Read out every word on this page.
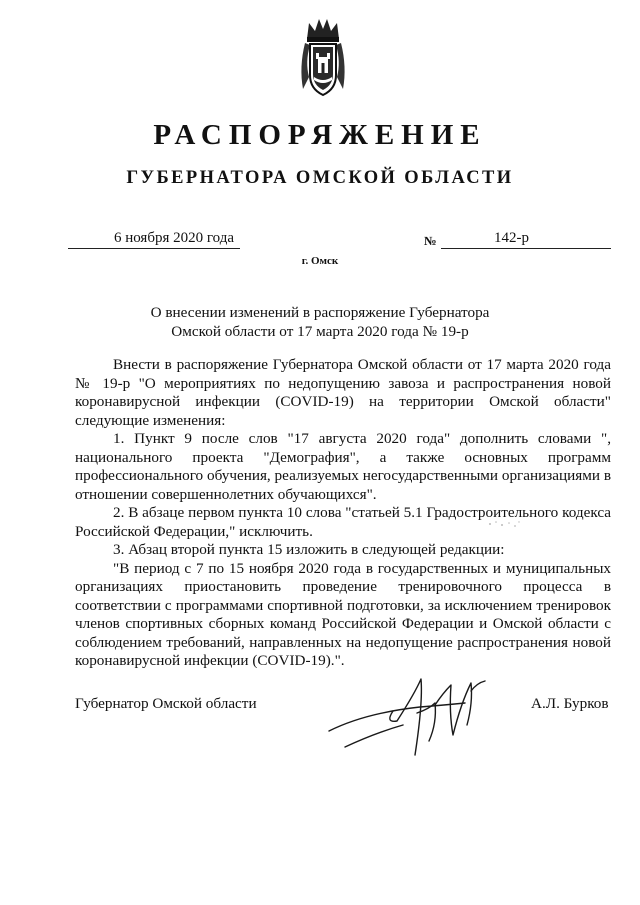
РАСПОРЯЖЕНИЕ
ГУБЕРНАТОРА ОМСКОЙ ОБЛАСТИ
6 ноября 2020 года	№	142-р
г. Омск
О внесении изменений в распоряжение Губернатора
Омской области от 17 марта 2020 года № 19-р

Внести в распоряжение Губернатора Омской области от 17 марта 2020 года № 19-р "О мероприятиях по недопущению завоза и распространения новой коронавирусной инфекции (COVID-19) на территории Омской области" следующие изменения:

1. Пункт 9 после слов "17 августа 2020 года" дополнить словами ", национального проекта "Демография", а также основных программ профессионального обучения, реализуемых негосударственными организациями в отношении совершеннолетних обучающихся".

2. В абзаце первом пункта 10 слова "статьей 5.1 Градостроительного кодекса Российской Федерации," исключить.

3. Абзац второй пункта 15 изложить в следующей редакции:

"В период с 7 по 15 ноября 2020 года в государственных и муниципальных организациях приостановить проведение тренировочного процесса в соответствии с программами спортивной подготовки, за исключением тренировок членов спортивных сборных команд Российской Федерации и Омской области с соблюдением требований, направленных на недопущение распространения новой коронавирусной инфекции (COVID-19).".

Губернатор Омской области	А.Л. Бурков
